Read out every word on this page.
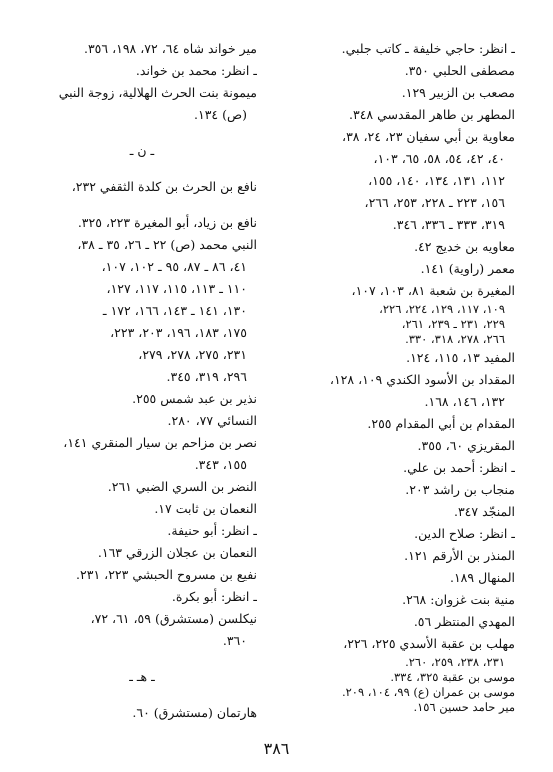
ـ انظر: حاجي خليفة ـ كاتب جلبي.
مصطفى الحلبي ٣٥٠.
مصعب بن الزبير ١٢٩.
المطهر بن طاهر المقدسي ٣٤٨.
معاوية بن أبي سفيان ٢٣، ٢٤، ٣٨،
٤٠، ٤٢، ٥٤، ٥٨، ٦٥، ١٠٣،
١١٢، ١٣١، ١٣٤، ١٤٠، ١٥٥،
١٥٦، ٢٢٣ ـ ٢٢٨، ٢٥٣، ٢٦٦،
٣١٩، ٣٣٣ ـ ٣٣٦، ٣٤٦.
معاويه بن خديج ٤٢.
معمر (راوية) ١٤١.
المغيرة بن شعبة ٨١، ١٠٣، ١٠٧،
١٠٩، ١١٧، ١٢٩، ٢٢٤، ٢٢٦،
٢٢٩، ٢٣١ ـ ٢٣٩، ٢٦١،
٢٦٦، ٢٧٨، ٣١٨، ٣٣٠.
المفيد ١٣، ١١٥، ١٢٤.
المقداد بن الأسود الكندي ١٠٩، ١٢٨،
١٣٢، ١٤٦، ١٦٨.
المقدام بن أبي المقدام ٢٥٥.
المقريزي ٦٠، ٣٥٥.
ـ انظر: أحمد بن علي.
منجاب بن راشد ٢٠٣.
المنجّد ٣٤٧.
ـ انظر: صلاح الدين.
المنذر بن الأرقم ١٢١.
المنهال ١٨٩.
منية بنت غزوان: ٢٦٨.
المهدي المنتظر ٥٦.
مهلب بن عقبة الأسدي ٢٢٥، ٢٢٦،
٢٣١، ٢٣٨، ٢٥٩، ٢٦٠.
موسى بن عقبة ٣٢٥، ٣٣٤.
موسى بن عمران (ع) ٩٩، ١٠٤، ٢٠٩.
مير حامد حسين ١٥٦.
مير خواند شاه ٦٤، ٧٢، ١٩٨، ٣٥٦.
ـ انظر: محمد بن خواند.
ميمونة بنت الحرث الهلالية، زوجة النبي
(ص) ١٣٤.
ـ ن ـ
نافع بن الحرث بن كلدة الثقفي ٢٣٢،
نافع بن زياد، أبو المغيرة ٢٢٣، ٣٢٥.
النبي محمد (ص) ٢٢ ـ ٢٦، ٣٥ ـ ٣٨،
٤١، ٨٦ ـ ٨٧، ٩٥ ـ ١٠٢، ١٠٧،
١١٠ ـ ١١٣، ١١٥، ١١٧، ١٢٧،
١٣٠، ١٤١ ـ ١٤٣، ١٦٦، ١٧٢ ـ
١٧٥، ١٨٣، ١٩٦، ٢٠٣، ٢٢٣،
٢٣١، ٢٧٥، ٢٧٨، ٢٧٩،
٢٩٦، ٣١٩، ٣٤٥.
نذير بن عبد شمس ٢٥٥.
النسائي ٧٧، ٢٨٠.
نصر بن مزاحم بن سيار المنقري ١٤١،
١٥٥، ٣٤٣.
النضر بن السري الضبي ٢٦١.
النعمان بن ثابت ١٧.
ـ انظر: أبو حنيفة.
النعمان بن عجلان الزرقي ١٦٣.
نفيع بن مسروح الحبشي ٢٢٣، ٢٣١.
ـ انظر: أبو بكرة.
نيكلسن (مستشرق) ٥٩، ٦١، ٧٢،
٣٦٠.
ـ هـ ـ
هارتمان (مستشرق) ٦٠.
٣٨٦
